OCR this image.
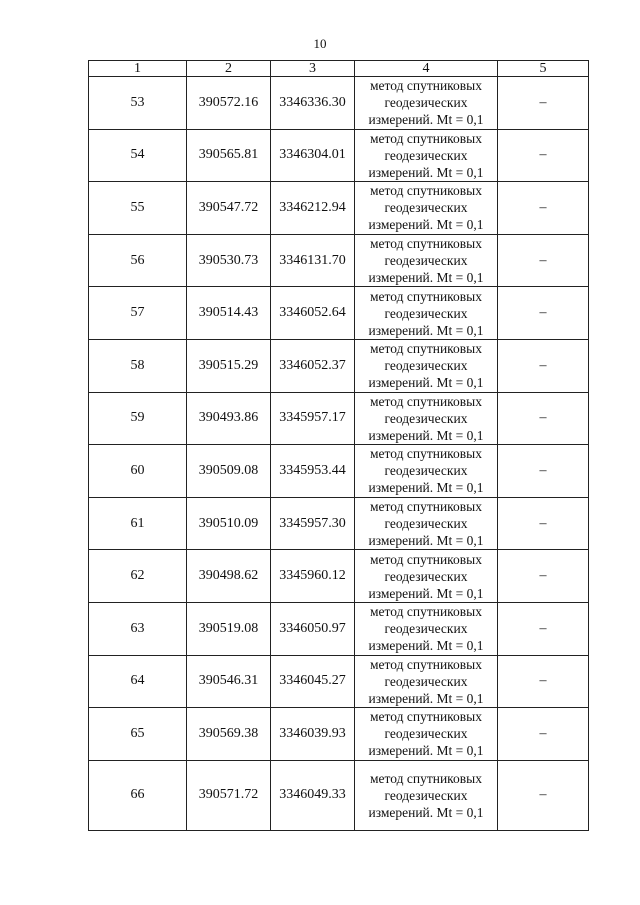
10
1	2	3	4	5
53	390572.16	3346336.30	метод спутниковых
геодезических
измерений. Mt = 0,1	–
54	390565.81	3346304.01	метод спутниковых
геодезических
измерений. Mt = 0,1	–
55	390547.72	3346212.94	метод спутниковых
геодезических
измерений. Mt = 0,1	–
56	390530.73	3346131.70	метод спутниковых
геодезических
измерений. Mt = 0,1	–
57	390514.43	3346052.64	метод спутниковых
геодезических
измерений. Mt = 0,1	–
58	390515.29	3346052.37	метод спутниковых
геодезических
измерений. Mt = 0,1	–
59	390493.86	3345957.17	метод спутниковых
геодезических
измерений. Mt = 0,1	–
60	390509.08	3345953.44	метод спутниковых
геодезических
измерений. Mt = 0,1	–
61	390510.09	3345957.30	метод спутниковых
геодезических
измерений. Mt = 0,1	–
62	390498.62	3345960.12	метод спутниковых
геодезических
измерений. Mt = 0,1	–
63	390519.08	3346050.97	метод спутниковых
геодезических
измерений. Mt = 0,1	–
64	390546.31	3346045.27	метод спутниковых
геодезических
измерений. Mt = 0,1	–
65	390569.38	3346039.93	метод спутниковых
геодезических
измерений. Mt = 0,1	–
66	390571.72	3346049.33	метод спутниковых
геодезических
измерений. Mt = 0,1	–
